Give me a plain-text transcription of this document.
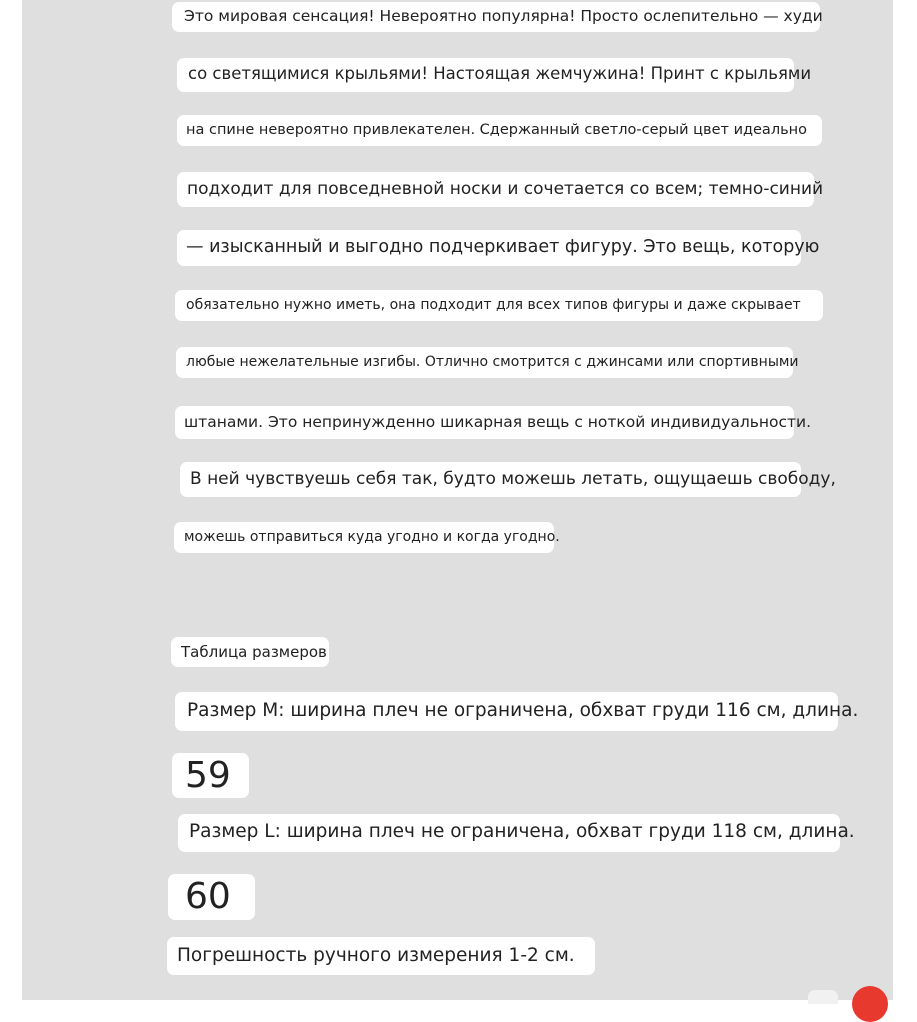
Это мировая сенсация! Невероятно популярна! Просто ослепительно — худи
со светящимися крыльями! Настоящая жемчужина! Принт с крыльями
на спине невероятно привлекателен. Сдержанный светло-серый цвет идеально
подходит для повседневной носки и сочетается со всем; темно-синий
— изысканный и выгодно подчеркивает фигуру. Это вещь, которую
обязательно нужно иметь, она подходит для всех типов фигуры и даже скрывает
любые нежелательные изгибы. Отлично смотрится с джинсами или спортивными
штанами. Это непринужденно шикарная вещь с ноткой индивидуальности.
В ней чувствуешь себя так, будто можешь летать, ощущаешь свободу,
можешь отправиться куда угодно и когда угодно.
Таблица размеров
Размер M: ширина плеч не ограничена, обхват груди 116 см, длина.
59
Размер L: ширина плеч не ограничена, обхват груди 118 см, длина.
60
Погрешность ручного измерения 1-2 см.
